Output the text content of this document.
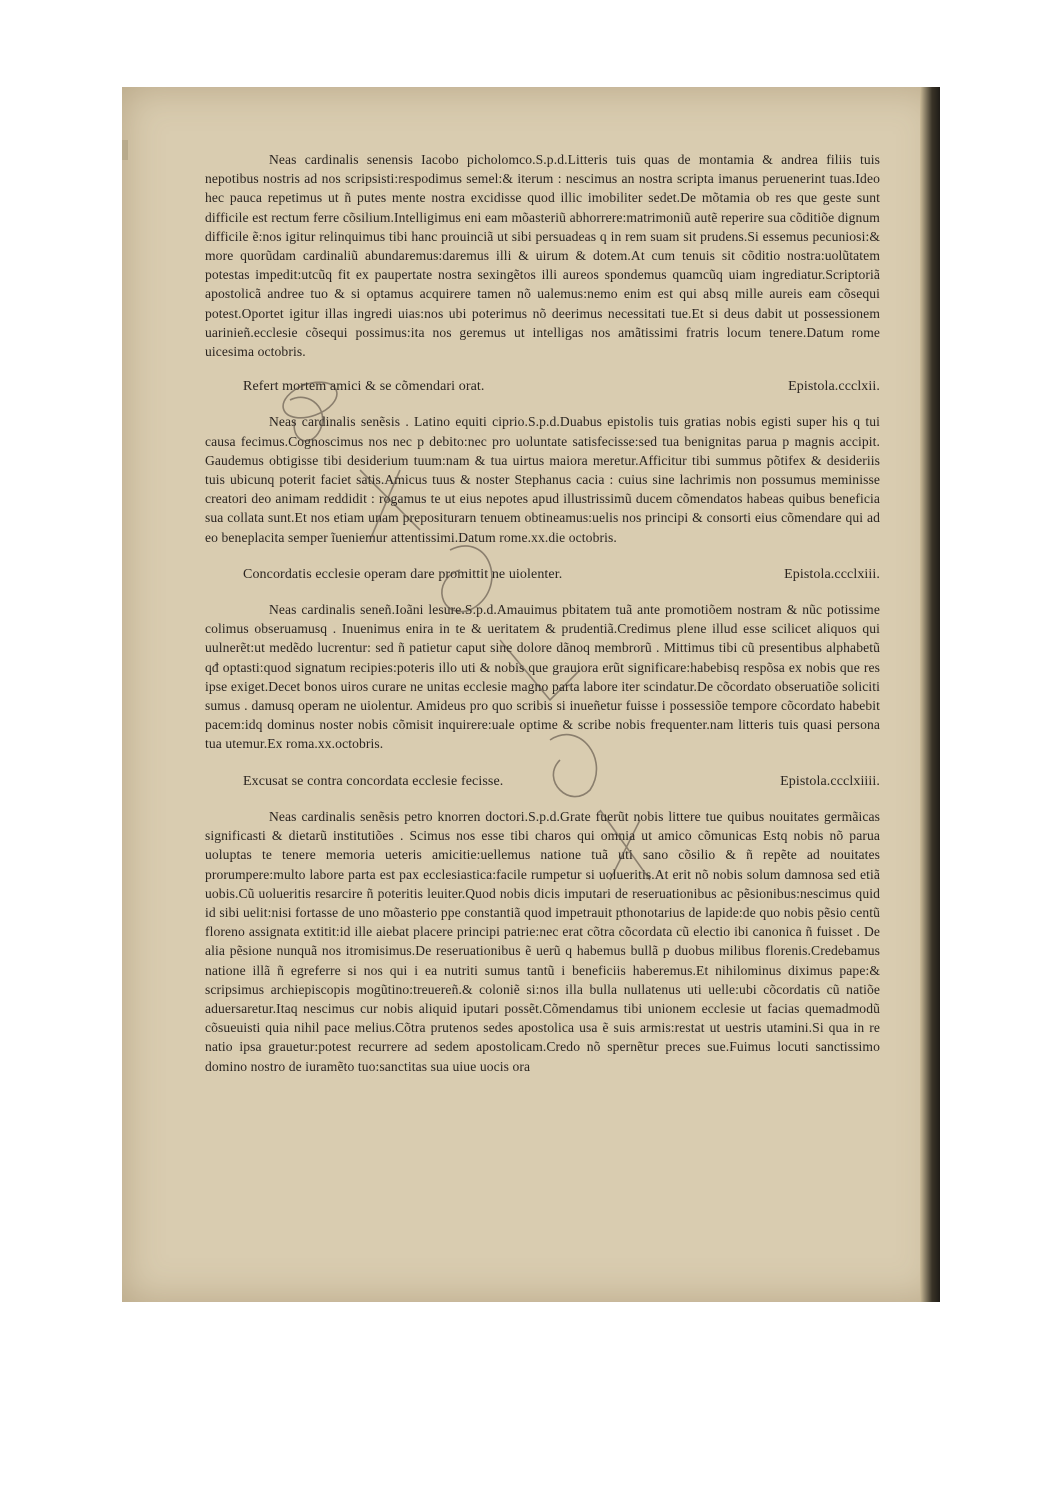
Neas cardinalis senensis Iacobo picholomco.S.p.d.Litteris tuis quas de montamia & andrea filiis tuis nepotibus nostris ad nos scripsisti:respodimus semel:& iterum : nescimus an nostra scripta imanus peruenerint tuas.Ideo hec pauca repetimus ut ñ putes mente nostra excidisse quod illic imobiliter sedet.De mõtamia ob res que geste sunt difficile est rectum ferre cõsilium.Intelligimus eni eam mõasteriũ abhorrere:matrimoniũ autẽ reperire sua cõditiõe dignum difficile ẽ:nos igitur relinquimus tibi hanc prouinciã ut sibi persuadeas q in rem suam sit prudens.Si essemus pecuniosi:& more quorũdam cardinaliũ abundaremus:daremus illi & uirum & dotem.At cum tenuis sit cõditio nostra:uolũtatem potestas impedit:utcũq fit ex paupertate nostra sexingẽtos illi aureos spondemus quamcũq uiam ingrediatur.Scriptoriã apostolicã andree tuo & si optamus acquirere tamen nõ ualemus:nemo enim est qui absq mille aureis eam cõsequi potest.Oportet igitur illas ingredi uias:nos ubi poterimus nõ deerimus necessitati tue.Et si deus dabit ut possessionem uarinieñ.ecclesie cõsequi possimus:ita nos geremus ut intelligas nos amãtissimi fratris locum tenere.Datum rome uicesima octobris.

Refert mortem amici & se cõmendari orat.	Epistola.ccclxii.

Neas cardinalis senẽsis . Latino equiti ciprio.S.p.d.Duabus epistolis tuis gratias nobis egisti super his q tui causa fecimus.Cognoscimus nos nec p debito:nec pro uoluntate satisfecisse:sed tua benignitas parua p magnis accipit. Gaudemus obtigisse tibi desiderium tuum:nam & tua uirtus maiora meretur.Afficitur tibi summus põtifex & desideriis tuis ubicunq poterit faciet satis.Amicus tuus & noster Stephanus cacia : cuius sine lachrimis non possumus meminisse creatori deo animam reddidit : rogamus te ut eius nepotes apud illustrissimũ ducem cõmendatos habeas quibus beneficia sua collata sunt.Et nos etiam unam prepositurarn tenuem obtineamus:uelis nos principi & consorti eius cõmendare qui ad eo beneplacita semper ĩueniemur attentissimi.Datum rome.xx.die octobris.

Concordatis ecclesie operam dare promittit ne uiolenter.	Epistola.ccclxiii.

Neas cardinalis seneñ.Ioãni lesure.S.p.d.Amauimus pbitatem tuã ante promotiõem nostram & nũc potissime colimus obseruamusq . Inuenimus enira in te & ueritatem & prudentiã.Credimus plene illud esse scilicet aliquos qui uulnerẽt:ut medẽdo lucrentur: sed ñ patietur caput sine dolore dãnoq membrorũ . Mittimus tibi cũ presentibus alphabetũ qđ optasti:quod signatum recipies:poteris illo uti & nobis que grauiora erũt significare:habebisq respõsa ex nobis que res ipse exiget.Decet bonos uiros curare ne unitas ecclesie magno parta labore iter scindatur.De cõcordato obseruatiõe soliciti sumus . damusq operam ne uiolentur. Amideus pro quo scribis si inueñetur fuisse i possessiõe tempore cõcordato habebit pacem:idq dominus noster nobis cõmisit inquirere:uale optime & scribe nobis frequenter.nam litteris tuis quasi persona tua utemur.Ex roma.xx.octobris.

Excusat se contra concordata ecclesie fecisse.	Epistola.ccclxiiii.

Neas cardinalis senẽsis petro knorren doctori.S.p.d.Grate fuerũt nobis littere tue quibus nouitates germãicas significasti & dietarũ institutiões . Scimus nos esse tibi charos qui omnia ut amico cõmunicas Estq nobis nõ parua uoluptas te tenere memoria ueteris amicitie:uellemus natione tuã uti sano cõsilio & ñ repẽte ad nouitates prorumpere:multo labore parta est pax ecclesiastica:facile rumpetur si uolueritis.At erit nõ nobis solum damnosa sed etiã uobis.Cũ uolueritis resarcire ñ poteritis leuiter.Quod nobis dicis imputari de reseruationibus ac pẽsionibus:nescimus quid id sibi uelit:nisi fortasse de uno mõasterio ppe constantiã quod impetrauit pthonotarius de lapide:de quo nobis pẽsio centũ floreno assignata extitit:id ille aiebat placere principi patrie:nec erat cõtra cõcordata cũ electio ibi canonica ñ fuisset . De alia pẽsione nunquã nos itromisimus.De reseruationibus ẽ uerũ q habemus bullã p duobus milibus florenis.Credebamus natione illã ñ egreferre si nos qui i ea nutriti sumus tantũ i beneficiis haberemus.Et nihilominus diximus pape:& scripsimus archiepiscopis mogũtino:treuereñ.& coloniẽ si:nos illa bulla nullatenus uti uelle:ubi cõcordatis cũ natiõe aduersaretur.Itaq nescimus cur nobis aliquid iputari possẽt.Cõmendamus tibi unionem ecclesie ut facias quemadmodũ cõsueuisti quia nihil pace melius.Cõtra prutenos sedes apostolica usa ẽ suis armis:restat ut uestris utamini.Si qua in re natio ipsa grauetur:potest recurrere ad sedem apostolicam.Credo nõ spernẽtur preces sue.Fuimus locuti sanctissimo domino nostro de iuramẽto tuo:sanctitas sua uiue uocis ora
